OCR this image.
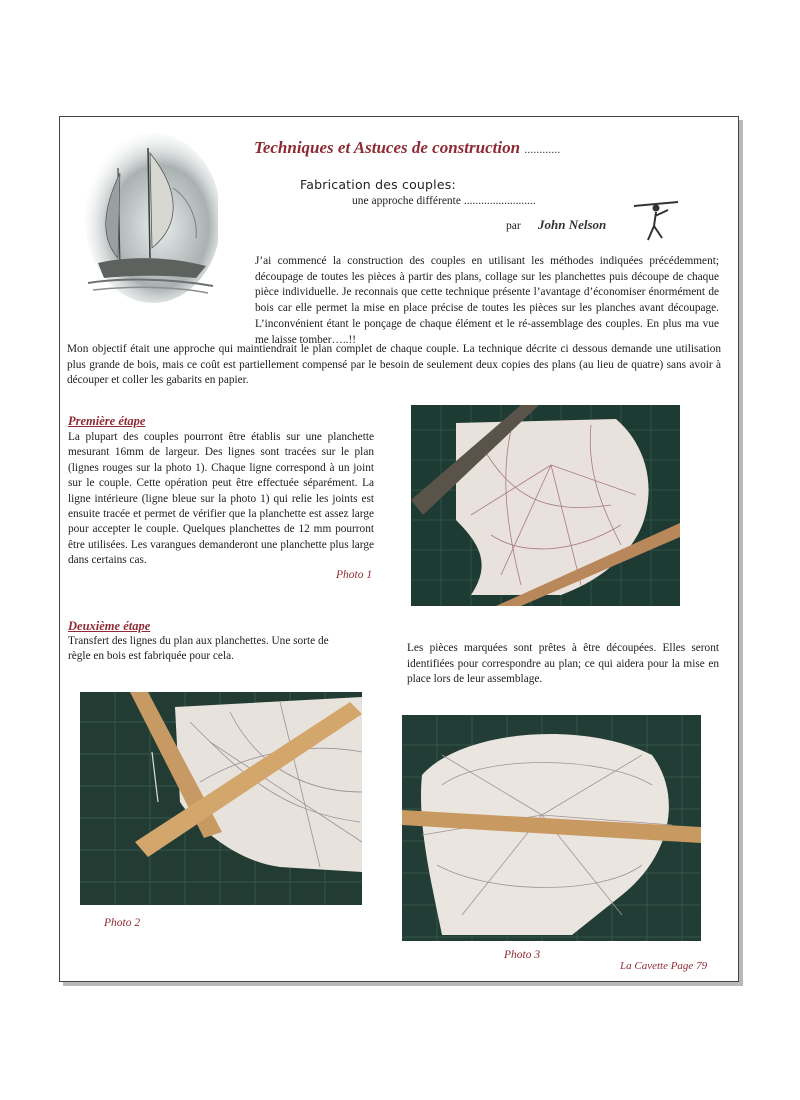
Techniques et Astuces de construction ............
Fabrication des couples:
une approche différente .........................
par John Nelson
J’ai commencé la construction des couples en utilisant les méthodes indiquées précédemment; découpage de toutes les pièces à partir des plans, collage sur les planchettes puis découpe de chaque pièce individuelle. Je reconnais que cette technique présente l’avantage d’économiser énormément de bois car elle permet la mise en place précise de toutes les pièces sur les planches avant découpage. L’inconvénient étant le ponçage de chaque élément et le ré-assemblage des couples. En plus ma vue me laisse tomber…..!!
Mon objectif était une approche qui maintiendrait le plan complet de chaque couple. La technique décrite ci dessous demande une utilisation plus grande de bois, mais ce coût est partiellement compensé par le besoin de seulement deux copies des plans (au lieu de quatre) sans avoir à découper et coller les gabarits en papier.
Première étape
La plupart des couples pourront être établis sur une planchette mesurant 16mm de largeur. Des lignes sont tracées sur le plan (lignes rouges sur la photo 1). Chaque ligne correspond à un joint sur le couple. Cette opération peut être effectuée séparément. La ligne intérieure (ligne bleue sur la photo 1) qui relie les joints est ensuite tracée et permet de vérifier que la planchette est assez large pour accepter le couple. Quelques planchettes de 12 mm pourront être utilisées. Les varangues demanderont une planchette plus large dans certains cas.
Photo 1
Deuxième étape
Transfert des lignes du plan aux planchettes. Une sorte de règle en bois est fabriquée pour cela.
Les pièces marquées sont prêtes à être découpées. Elles seront identifiées pour correspondre au plan; ce qui aidera pour la mise en place lors de leur assemblage.
Photo 2
Photo 3
La Cavette Page 79
